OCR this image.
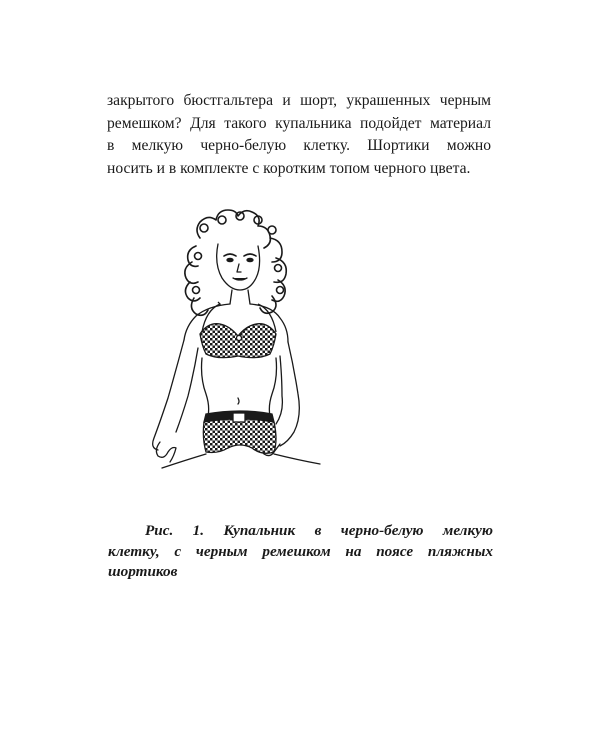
закрытого бюстгальтера и шорт, украшенных черным
ремешком? Для такого купальника подойдет материал
в мелкую черно-белую клетку. Шортики можно
носить и в комплекте с коротким топом черного цвета.
Рис. 1. Купальник в черно-белую мелкую
клетку, с черным ремешком на поясе пляжных
шортиков
